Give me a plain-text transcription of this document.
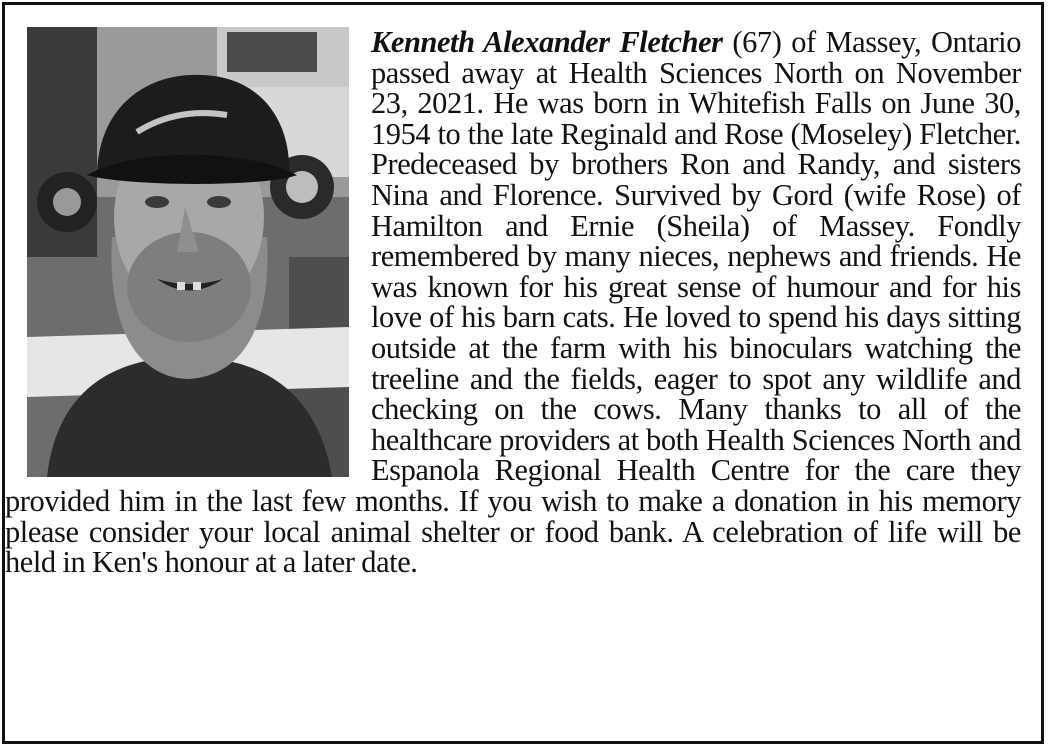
Kenneth Alexander Fletcher (67) of Massey, Ontario passed away at Health Sciences North on November 23, 2021. He was born in Whitefish Falls on June 30, 1954 to the late Reginald and Rose (Moseley) Fletcher. Predeceased by brothers Ron and Randy, and sisters Nina and Florence. Survived by Gord (wife Rose) of Hamilton and Ernie (Sheila) of Massey. Fondly remembered by many nieces, nephews and friends. He was known for his great sense of humour and for his love of his barn cats. He loved to spend his days sitting outside at the farm with his binoculars watching the treeline and the fields, eager to spot any wildlife and checking on the cows. Many thanks to all of the healthcare providers at both Health Sciences North and Espanola Regional Health Centre for the care they provided him in the last few months. If you wish to make a donation in his memory please consider your local animal shelter or food bank. A celebration of life will be held in Ken's honour at a later date.
